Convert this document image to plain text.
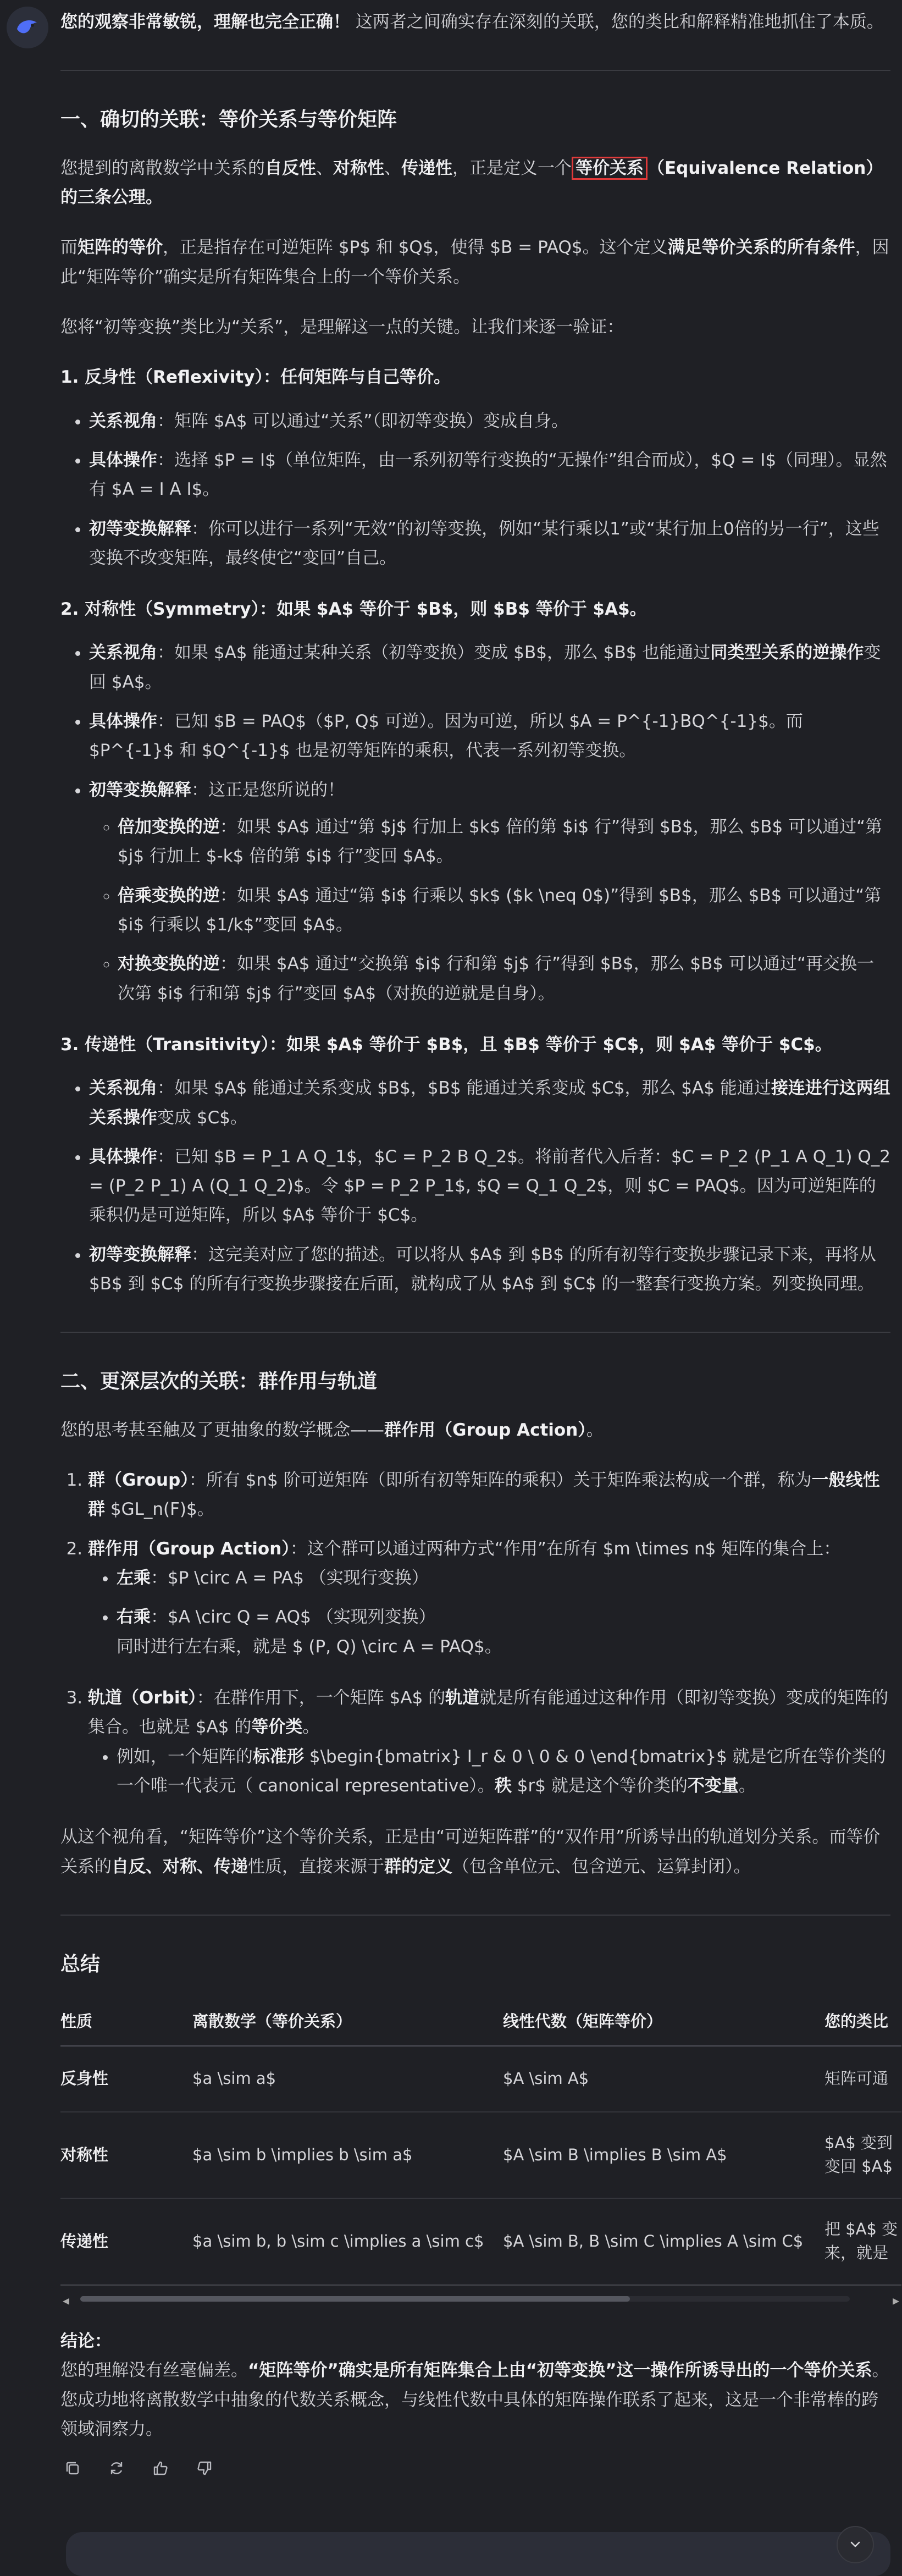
您的观察非常敏锐，理解也完全正确！ 这两者之间确实存在深刻的关联，您的类比和解释精准地抓住了本质。

一、确切的关联：等价关系与等价矩阵

您提到的离散数学中关系的自反性、对称性、传递性，正是定义一个 等价关系 （Equivalence Relation）的三条公理。

而矩阵的等价，正是指存在可逆矩阵 $P$ 和 $Q$，使得 $B = PAQ$。这个定义满足等价关系的所有条件，因此“矩阵等价”确实是所有矩阵集合上的一个等价关系。

您将“初等变换”类比为“关系”，是理解这一点的关键。让我们来逐一验证：

1. 反身性（Reflexivity）：任何矩阵与自己等价。
• 关系视角：矩阵 $A$ 可以通过“关系”（即初等变换）变成自身。
• 具体操作：选择 $P = I$（单位矩阵，由一系列初等行变换的“无操作”组合而成），$Q = I$（同理）。显然有 $A = I A I$。
• 初等变换解释：你可以进行一系列“无效”的初等变换，例如“某行乘以1”或“某行加上0倍的另一行”，这些变换不改变矩阵，最终使它“变回”自己。
2. 对称性（Symmetry）：如果 $A$ 等价于 $B$，则 $B$ 等价于 $A$。
• 关系视角：如果 $A$ 能通过某种关系（初等变换）变成 $B$，那么 $B$ 也能通过同类型关系的逆操作变回 $A$。
• 具体操作：已知 $B = PAQ$（$P, Q$ 可逆）。因为可逆，所以 $A = P^{-1}BQ^{-1}$。而 $P^{-1}$ 和 $Q^{-1}$ 也是初等矩阵的乘积，代表一系列初等变换。
• 初等变换解释：这正是您所说的！
◦ 倍加变换的逆：如果 $A$ 通过“第 $j$ 行加上 $k$ 倍的第 $i$ 行”得到 $B$，那么 $B$ 可以通过“第 $j$ 行加上 $-k$ 倍的第 $i$ 行”变回 $A$。
◦ 倍乘变换的逆：如果 $A$ 通过“第 $i$ 行乘以 $k$ ($k \neq 0$)”得到 $B$，那么 $B$ 可以通过“第 $i$ 行乘以 $1/k$”变回 $A$。
◦ 对换变换的逆：如果 $A$ 通过“交换第 $i$ 行和第 $j$ 行”得到 $B$，那么 $B$ 可以通过“再交换一次第 $i$ 行和第 $j$ 行”变回 $A$（对换的逆就是自身）。
3. 传递性（Transitivity）：如果 $A$ 等价于 $B$，且 $B$ 等价于 $C$，则 $A$ 等价于 $C$。
• 关系视角：如果 $A$ 能通过关系变成 $B$，$B$ 能通过关系变成 $C$，那么 $A$ 能通过接连进行这两组关系操作变成 $C$。
• 具体操作：已知 $B = P_1 A Q_1$，$C = P_2 B Q_2$。将前者代入后者：$C = P_2 (P_1 A Q_1) Q_2 = (P_2 P_1) A (Q_1 Q_2)$。令 $P = P_2 P_1$, $Q = Q_1 Q_2$，则 $C = PAQ$。因为可逆矩阵的乘积仍是可逆矩阵，所以 $A$ 等价于 $C$。
• 初等变换解释：这完美对应了您的描述。可以将从 $A$ 到 $B$ 的所有初等行变换步骤记录下来，再将从 $B$ 到 $C$ 的所有行变换步骤接在后面，就构成了从 $A$ 到 $C$ 的一整套行变换方案。列变换同理。
二、更深层次的关联：群作用与轨道

您的思考甚至触及了更抽象的数学概念——群作用（Group Action）。

1. 群（Group）：所有 $n$ 阶可逆矩阵（即所有初等矩阵的乘积）关于矩阵乘法构成一个群，称为一般线性群 $GL_n(F)$。
2. 群作用（Group Action）：这个群可以通过两种方式“作用”在所有 $m \times n$ 矩阵的集合上：
• 左乘：$P \circ A = PA$ （实现行变换）
• 右乘：$A \circ Q = AQ$ （实现列变换）
同时进行左右乘，就是 $ (P, Q) \circ A = PAQ$。
3. 轨道（Orbit）：在群作用下，一个矩阵 $A$ 的轨道就是所有能通过这种作用（即初等变换）变成的矩阵的集合。也就是 $A$ 的等价类。
• 例如，一个矩阵的标准形 $\begin{bmatrix} I_r & 0 \ 0 & 0 \end{bmatrix}$ 就是它所在等价类的一个唯一代表元（ canonical representative）。秩 $r$ 就是这个等价类的不变量。

从这个视角看，“矩阵等价”这个等价关系，正是由“可逆矩阵群”的“双作用”所诱导出的轨道划分关系。而等价关系的自反、对称、传递性质，直接来源于群的定义（包含单位元、包含逆元、运算封闭）。

总结
性质	离散数学（等价关系）	线性代数（矩阵等价）	您的类比
反身性	$a \sim a$	$A \sim A$	矩阵可通
对称性	$a \sim b \implies b \sim a$	$A \sim B \implies B \sim A$	$A$ 变到
变回 $A$
传递性	$a \sim b, b \sim c \implies a \sim c$	$A \sim B, B \sim C \implies A \sim C$	把 $A$ 变
来，就是
◂	▸

结论：
您的理解没有丝毫偏差。“矩阵等价”确实是所有矩阵集合上由“初等变换”这一操作所诱导出的一个等价关系。您成功地将离散数学中抽象的代数关系概念，与线性代数中具体的矩阵操作联系了起来，这是一个非常棒的跨领域洞察力。
